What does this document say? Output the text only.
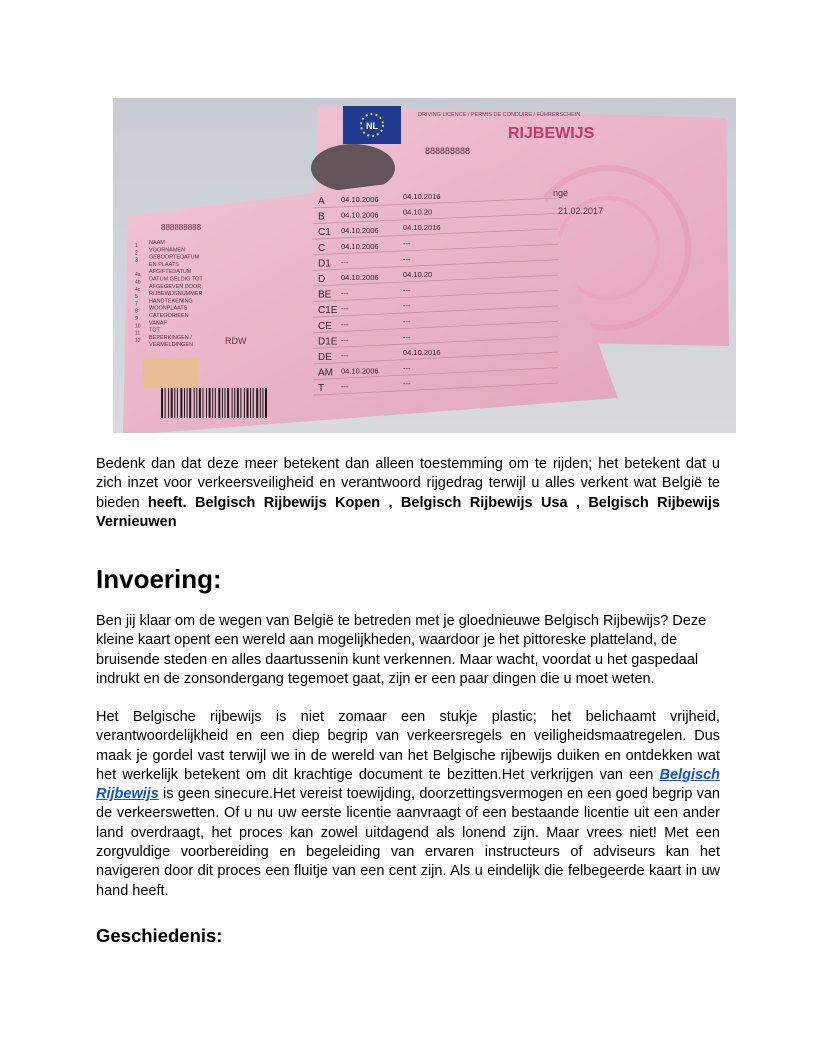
NL
DRIVING LICENCE / PERMIS DE CONDUIRE / FÜHRERSCHEIN
RIJBEWIJS
888888888
nge
21.02.2017
888888888
1 NAAM
2 VOORNAMEN
3 GEBOORTEDATUM
EN PLAATS
4a AFGIFTEDATUM
4b DATUM GELDIG TOT
4c AFGEGEVEN DOOR
5 RIJBEWIJSNUMMER
7 HANDTEKENING
8 WOONPLAATS
9 CATEGORIEEN
10 VANAF
11 TOT
12 BEPERKINGEN /
VERMELDINGEN
A 04.10.2006	04.10.2016
B 04.10.2006	04.10.20
C1 04.10.2006	04.10.2016
C 04.10.2006	---
D1 ---	---
D 04.10.2006	04.10.20
BE ---	---
C1E ---	---
CE ---	---
D1E ---	---
DE ---	04.10.2016
AM 04.10.2006	---
T ---	---
RDW

Bedenk dan dat deze meer betekent dan alleen toestemming om te rijden; het betekent dat u zich inzet voor verkeersveiligheid en verantwoord rijgedrag terwijl u alles verkent wat België te bieden heeft. Belgisch Rijbewijs Kopen , Belgisch Rijbewijs Usa , Belgisch Rijbewijs Vernieuwen

Invoering:

Ben jij klaar om de wegen van België te betreden met je gloednieuwe Belgisch Rijbewijs? Deze kleine kaart opent een wereld aan mogelijkheden, waardoor je het pittoreske platteland, de bruisende steden en alles daartussenin kunt verkennen. Maar wacht, voordat u het gaspedaal indrukt en de zonsondergang tegemoet gaat, zijn er een paar dingen die u moet weten.

Het Belgische rijbewijs is niet zomaar een stukje plastic; het belichaamt vrijheid, verantwoordelijkheid en een diep begrip van verkeersregels en veiligheidsmaatregelen. Dus maak je gordel vast terwijl we in de wereld van het Belgische rijbewijs duiken en ontdekken wat het werkelijk betekent om dit krachtige document te bezitten.Het verkrijgen van een Belgisch Rijbewijs is geen sinecure.Het vereist toewijding, doorzettingsvermogen en een goed begrip van de verkeerswetten. Of u nu uw eerste licentie aanvraagt of een bestaande licentie uit een ander land overdraagt, het proces kan zowel uitdagend als lonend zijn. Maar vrees niet! Met een zorgvuldige voorbereiding en begeleiding van ervaren instructeurs of adviseurs kan het navigeren door dit proces een fluitje van een cent zijn. Als u eindelijk die felbegeerde kaart in uw hand heeft.

Geschiedenis:
